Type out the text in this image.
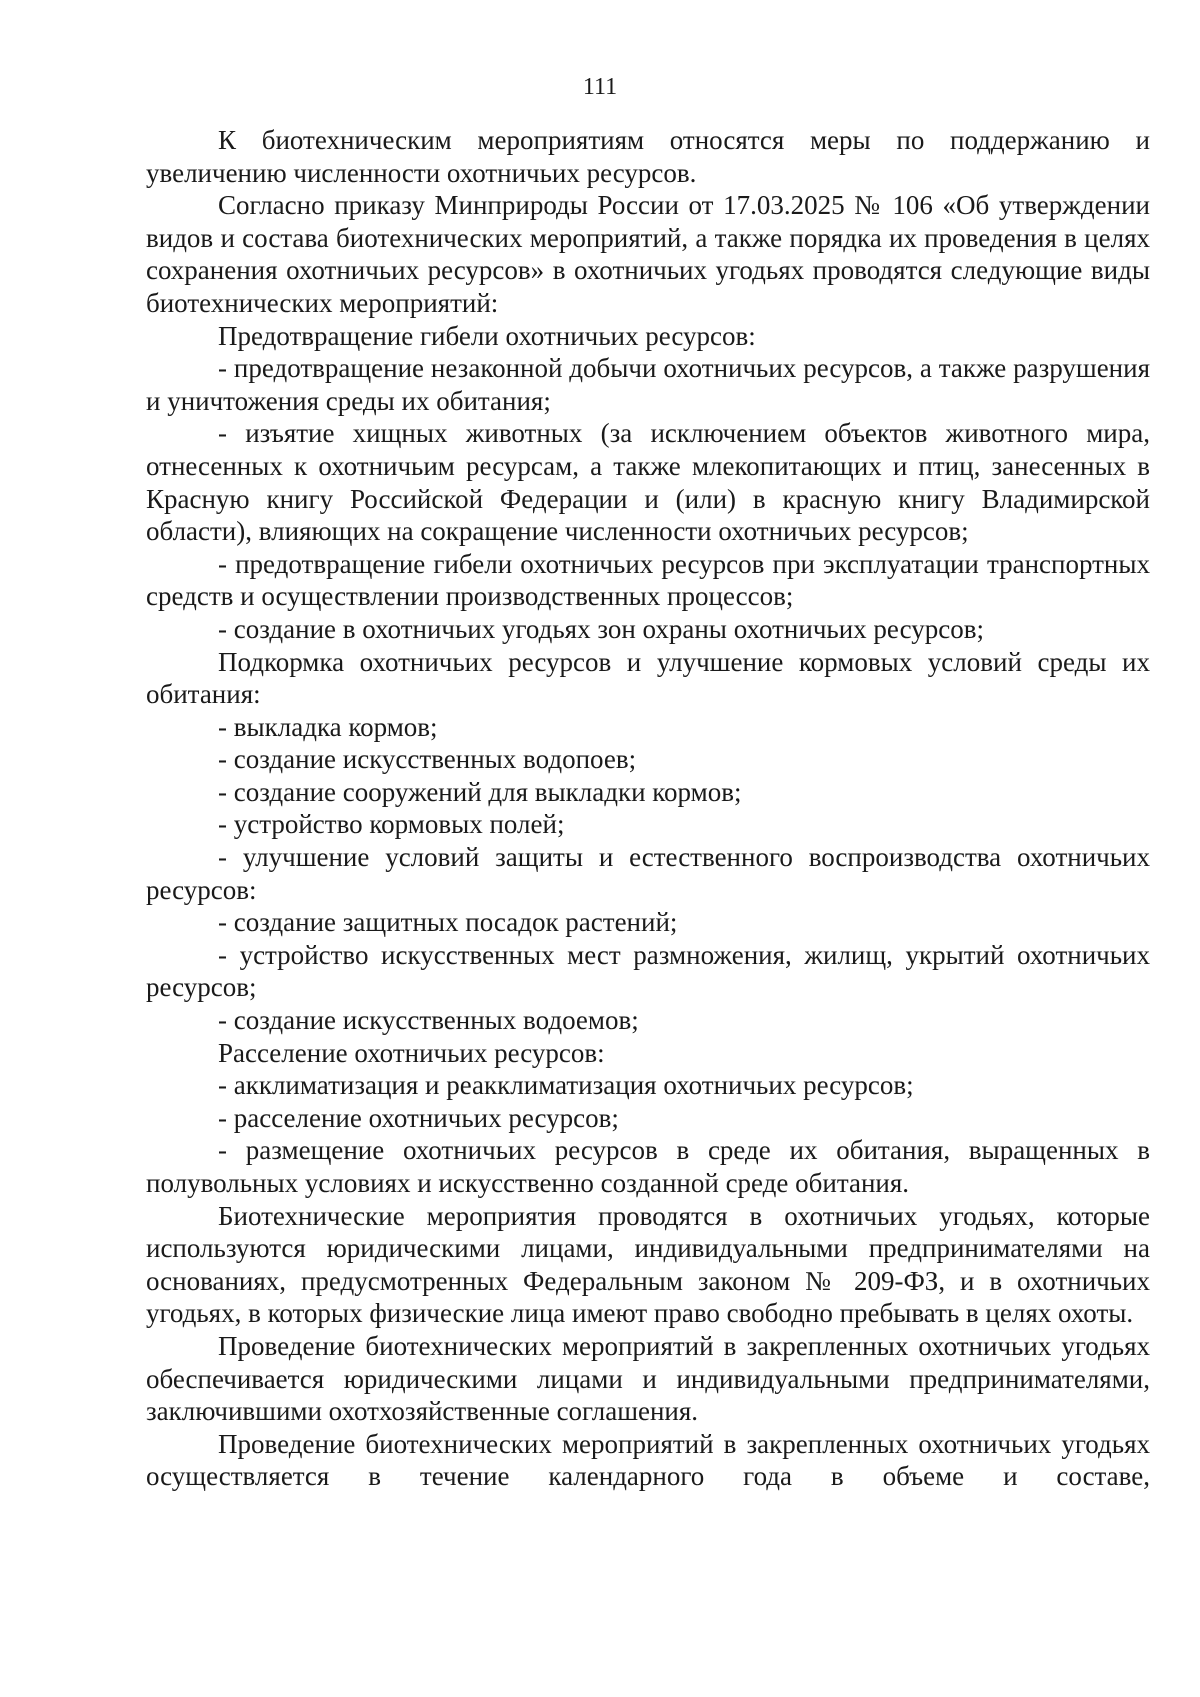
111

К биотехническим мероприятиям относятся меры по поддержанию и увеличению численности охотничьих ресурсов.

Согласно приказу Минприроды России от 17.03.2025 № 106 «Об утверждении видов и состава биотехнических мероприятий, а также порядка их проведения в целях сохранения охотничьих ресурсов» в охотничьих угодьях проводятся следующие виды биотехнических мероприятий:

Предотвращение гибели охотничьих ресурсов:

- предотвращение незаконной добычи охотничьих ресурсов, а также разрушения и уничтожения среды их обитания;

- изъятие хищных животных (за исключением объектов животного мира, отнесенных к охотничьим ресурсам, а также млекопитающих и птиц, занесенных в Красную книгу Российской Федерации и (или) в красную книгу Владимирской области), влияющих на сокращение численности охотничьих ресурсов;

- предотвращение гибели охотничьих ресурсов при эксплуатации транспортных средств и осуществлении производственных процессов;

- создание в охотничьих угодьях зон охраны охотничьих ресурсов;

Подкормка охотничьих ресурсов и улучшение кормовых условий среды их обитания:

- выкладка кормов;

- создание искусственных водопоев;

- создание сооружений для выкладки кормов;

- устройство кормовых полей;

- улучшение условий защиты и естественного воспроизводства охотничьих ресурсов:

- создание защитных посадок растений;

- устройство искусственных мест размножения, жилищ, укрытий охотничьих ресурсов;

- создание искусственных водоемов;

Расселение охотничьих ресурсов:

- акклиматизация и реакклиматизация охотничьих ресурсов;

- расселение охотничьих ресурсов;

- размещение охотничьих ресурсов в среде их обитания, выращенных в полувольных условиях и искусственно созданной среде обитания.

Биотехнические мероприятия проводятся в охотничьих угодьях, которые используются юридическими лицами, индивидуальными предпринимателями на основаниях, предусмотренных Федеральным законом № 209-ФЗ, и в охотничьих угодьях, в которых физические лица имеют право свободно пребывать в целях охоты.

Проведение биотехнических мероприятий в закрепленных охотничьих угодьях обеспечивается юридическими лицами и индивидуальными предпринимателями, заключившими охотхозяйственные соглашения.

Проведение биотехнических мероприятий в закрепленных охотничьих угодьях осуществляется в течение календарного года в объеме и составе,
